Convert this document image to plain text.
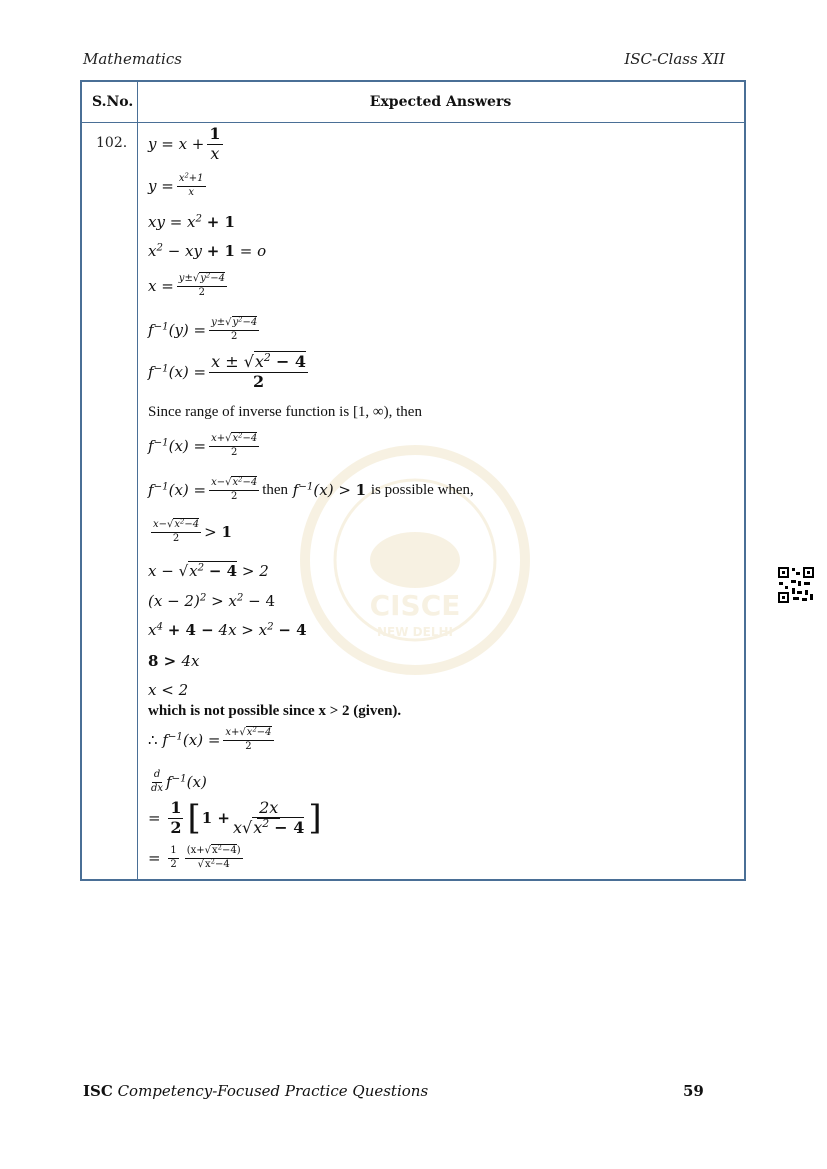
Mathematics	ISC-Class XII
CISCE
NEW DELHI
S.No.	Expected Answers
102. $y = x + \frac{1}{x}$
$y = \frac{x^2+1}{x}$
xy = $x^2 + 1$
$x^2$ − xy + 1 = o
$x = \frac{y\pm√y^2-4}{2}$
$f^{-1}(y) = \frac{y\pm√y^2-4}{2}$
$f^{-1}(x) = \frac{x \pm √x^2 - 4}{2}$
Since range of inverse function is [1, ∞), then
$f^{-1}(x) = \frac{x+√x^2-4}{2}$
$f^{-1}(x) = \frac{x-√x^2-4}{2}$ then $f^{-1}(x) > 1$ is possible when,
$\frac{x-√x^2-4}{2} > 1$
$x - √x^2 - 4 > 2$
$(x - 2)^2 > x^2 - 4$
$x^4 + 4 - 4x > x^2 - 4$
8 > 4x
x < 2
which is not possible since x > 2 (given).
∴ $f^{-1}(x) = \frac{x+√x^2-4}{2}$
$\frac{d}{dx} f^{-1}(x)$
= $\frac{1}{2}$ [ $1 + \frac{2x}{x√x^2 - 4}$ ]
= $\frac{1}{2} \frac{(x+√x^2-4)}{√x^2-4}$
ISC Competency-Focused Practice Questions	59
